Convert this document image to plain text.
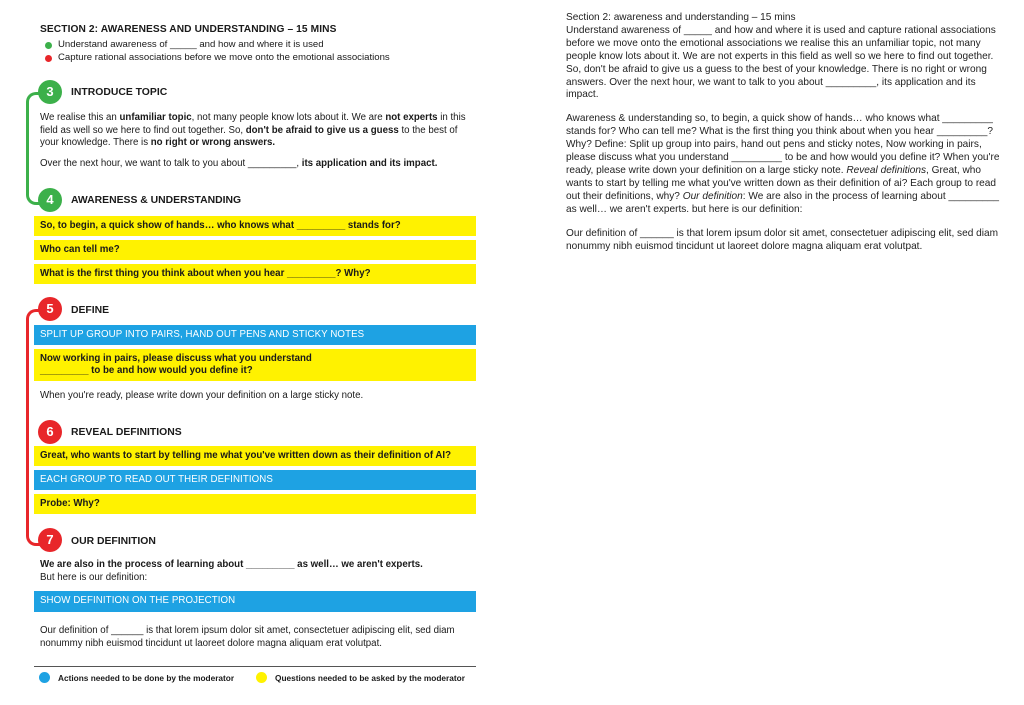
SECTION 2: AWARENESS AND UNDERSTANDING – 15 MINS
Understand awareness of _____ and how and where it is used
Capture rational associations before we move onto the emotional associations
3	INTRODUCE TOPIC
We realise this an unfamiliar topic, not many people know lots about it. We are not experts in this field as well so we here to find out together. So, don't be afraid to give us a guess to the best of your knowledge. There is no right or wrong answers.
Over the next hour, we want to talk to you about _________, its application and its impact.
4	AWARENESS & UNDERSTANDING
So, to begin, a quick show of hands… who knows what _________ stands for?
Who can tell me?
What is the first thing you think about when you hear _________? Why?
5	DEFINE
SPLIT UP GROUP INTO PAIRS, HAND OUT PENS AND STICKY NOTES
Now working in pairs, please discuss what you understand _________ to be and how would you define it?
When you're ready, please write down your definition on a large sticky note.
6	REVEAL DEFINITIONS
Great, who wants to start by telling me what you've written down as their definition of AI?
EACH GROUP TO READ OUT THEIR DEFINITIONS
Probe: Why?
7	OUR DEFINITION
We are also in the process of learning about _________ as well… we aren't experts.
But here is our definition:
SHOW DEFINITION ON THE PROJECTION
Our definition of ______ is that lorem ipsum dolor sit amet, consectetuer adipiscing elit, sed diam nonummy nibh euismod tincidunt ut laoreet dolore magna aliquam erat volutpat.
Actions needed to be done by the moderator	Questions needed to be asked by the moderator
Section 2: awareness and understanding – 15 mins
Understand awareness of _____ and how and where it is used and capture rational associations before we move onto the emotional associations we realise this an unfamiliar topic, not many people know lots about it. We are not experts in this field as well so we here to find out together. So, don't be afraid to give us a guess to the best of your knowledge. There is no right or wrong answers. Over the next hour, we want to talk to you about _________, its application and its impact.
Awareness & understanding so, to begin, a quick show of hands… who knows what _________ stands for? Who can tell me? What is the first thing you think about when you hear _________? Why? Define: Split up group into pairs, hand out pens and sticky notes, Now working in pairs, please discuss what you understand _________ to be and how would you define it? When you're ready, please write down your definition on a large sticky note. Reveal definitions, Great, who wants to start by telling me what you've written down as their definition of ai? Each group to read out their definitions, why? Our definition: We are also in the process of learning about _________ as well… we aren't experts. but here is our definition:
Our definition of ______ is that lorem ipsum dolor sit amet, consectetuer adipiscing elit, sed diam nonummy nibh euismod tincidunt ut laoreet dolore magna aliquam erat volutpat.
